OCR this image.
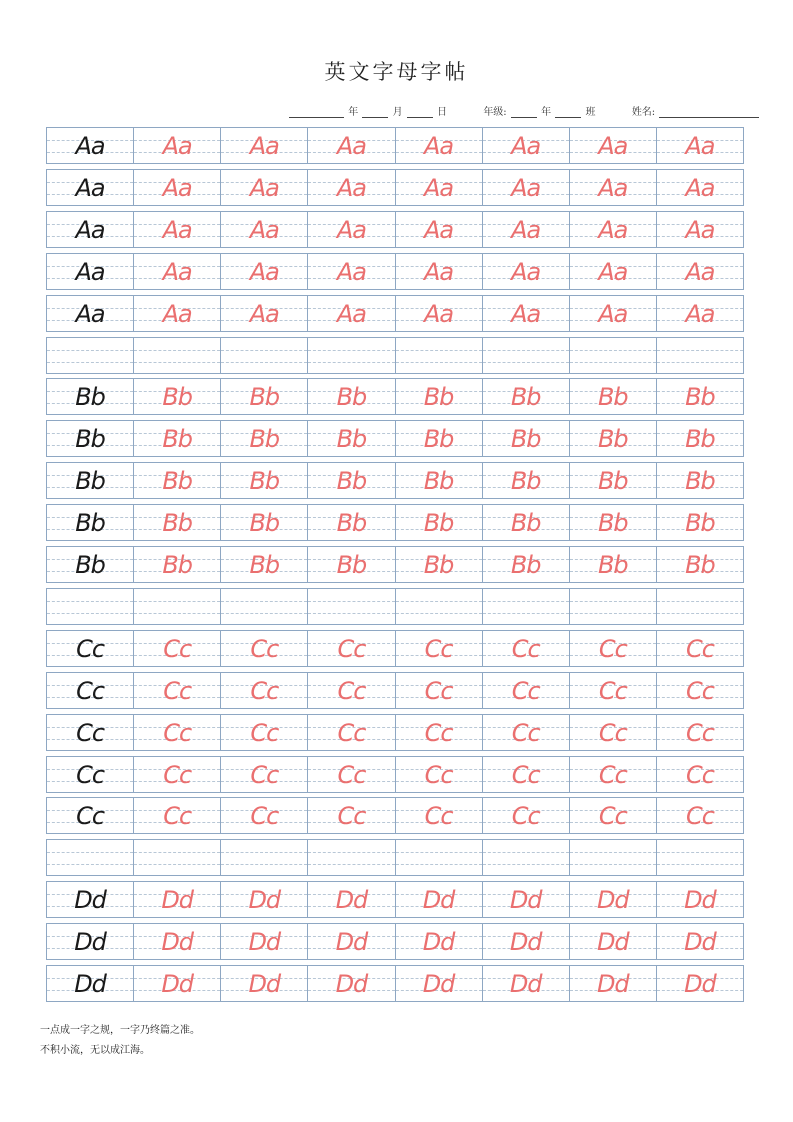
英文字母字帖
年	月	日	年级:	年	班	姓名:
Aa	Aa	Aa	Aa	Aa	Aa	Aa	Aa
Aa	Aa	Aa	Aa	Aa	Aa	Aa	Aa
Aa	Aa	Aa	Aa	Aa	Aa	Aa	Aa
Aa	Aa	Aa	Aa	Aa	Aa	Aa	Aa
Aa	Aa	Aa	Aa	Aa	Aa	Aa	Aa
Bb	Bb	Bb	Bb	Bb	Bb	Bb	Bb
Bb	Bb	Bb	Bb	Bb	Bb	Bb	Bb
Bb	Bb	Bb	Bb	Bb	Bb	Bb	Bb
Bb	Bb	Bb	Bb	Bb	Bb	Bb	Bb
Bb	Bb	Bb	Bb	Bb	Bb	Bb	Bb
Cc	Cc	Cc	Cc	Cc	Cc	Cc	Cc
Cc	Cc	Cc	Cc	Cc	Cc	Cc	Cc
Cc	Cc	Cc	Cc	Cc	Cc	Cc	Cc
Cc	Cc	Cc	Cc	Cc	Cc	Cc	Cc
Cc	Cc	Cc	Cc	Cc	Cc	Cc	Cc
Dd	Dd	Dd	Dd	Dd	Dd	Dd	Dd
Dd	Dd	Dd	Dd	Dd	Dd	Dd	Dd
Dd	Dd	Dd	Dd	Dd	Dd	Dd	Dd
一点成一字之规，一字乃终篇之准。
不积小流，无以成江海。
